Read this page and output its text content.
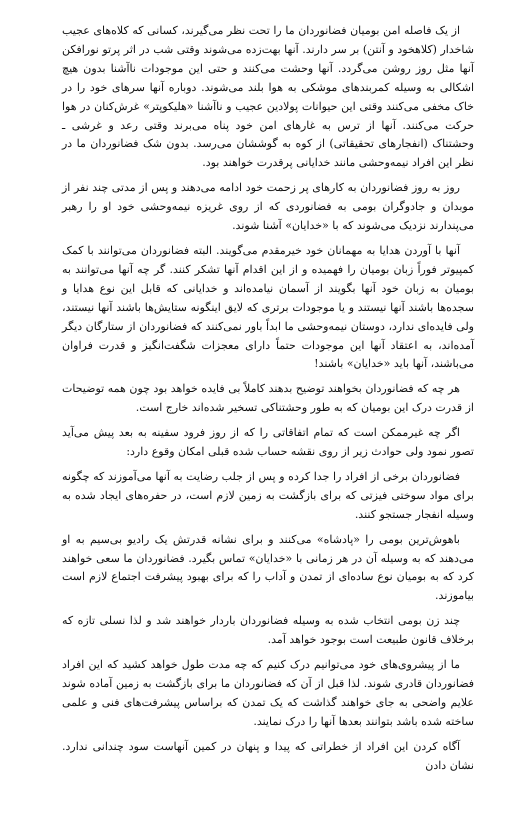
از یک فاصله امن بومیان فضانوردان ما را تحت نظر می‌گیرند، کسانی که کلاه‌های عجیب شاخدار (کلاهخود و آنتن) بر سر دارند. آنها بهت‌زده می‌شوند وقتی شب در اثر پرتو نورافکن آنها مثل روز روشن می‌گردد. آنها وحشت می‌کنند و حتی این موجودات ناآشنا بدون هیچ اشکالی به وسیله کمربندهای موشکی به هوا بلند می‌شوند. دوباره آنها سرهای خود را در خاک مخفی می‌کنند وقتی این حیوانات پولادین عجیب و ناآشنا «هلیکوپتر» غرش‌کنان در هوا حرکت می‌کنند. آنها از ترس به غارهای امن خود پناه می‌برند وقتی رعد و غرشی ـ وحشتناک (انفجارهای تحقیقاتی) از کوه به گوششان می‌رسد. بدون شک فضانوردان ما در نظر این افراد نیمه‌وحشی مانند خدایانی پرقدرت خواهند بود.

روز به روز فضانوردان به کارهای پر زحمت خود ادامه می‌دهند و پس از مدتی چند نفر از موبدان و جادوگران بومی به فضانوردی که از روی غریزه نیمه‌وحشی خود او را رهبر می‌پندارند نزدیک می‌شوند که با «خدایان» آشنا شوند.

آنها با آوردن هدایا به مهمانان خود خیرمقدم می‌گویند. البته فضانوردان می‌توانند با کمک کمپیوتر فوراً زبان بومیان را فهمیده و از این اقدام آنها تشکر کنند. گر چه آنها می‌توانند به بومیان به زبان خود آنها بگویند از آسمان نیامده‌اند و خدایانی که قابل این نوع هدایا و سجده‌ها باشند آنها نیستند و یا موجودات برتری که لایق اینگونه ستایش‌ها باشند آنها نیستند، ولی فایده‌ای ندارد، دوستان نیمه‌وحشی ما ابداً باور نمی‌کنند که فضانوردان از ستارگان دیگر آمده‌اند، به اعتقاد آنها این موجودات حتماً دارای معجزات شگفت‌انگیز و قدرت فراوان می‌باشند، آنها باید «خدایان» باشند!

هر چه که فضانوردان بخواهند توضیح بدهند کاملاً بی فایده خواهد بود چون همه توضیحات از قدرت درک این بومیان که به طور وحشتناکی تسخیر شده‌اند خارج است.

اگر چه غیرممکن است که تمام اتفاقاتی را که از روز فرود سفینه به بعد پیش می‌آید تصور نمود ولی حوادث زیر از روی نقشه حساب شده قبلی امکان وقوع دارد:

فضانوردان برخی از افراد را جدا کرده و پس از جلب رضایت به آنها می‌آموزند که چگونه برای مواد سوختی فیزتی که برای بازگشت به زمین لازم است، در حفره‌های ایجاد شده به وسیله انفجار جستجو کنند.

باهوش‌ترین بومی را «پادشاه» می‌کنند و برای نشانه قدرتش یک رادیو بی‌سیم به او می‌دهند که به وسیله آن در هر زمانی با «خدایان» تماس بگیرد. فضانوردان ما سعی خواهند کرد که به بومیان نوع ساده‌ای از تمدن و آداب را که برای بهبود پیشرفت اجتماع لازم است بیاموزند.

چند زن بومی انتخاب شده به وسیله فضانوردان باردار خواهند شد و لذا نسلی تازه که برخلاف قانون طبیعت است بوجود خواهد آمد.

ما از پیشروی‌های خود می‌توانیم درک کنیم که چه مدت طول خواهد کشید که این افراد فضانوردان قادری شوند. لذا قبل از آن که فضانوردان ما برای بازگشت به زمین آماده شوند علایم واضحی به جای خواهند گذاشت که یک تمدن که براساس پیشرفت‌های فنی و علمی ساخته شده باشد بتوانند بعدها آنها را درک نمایند.

آگاه کردن این افراد از خطراتی که پیدا و پنهان در کمین آنهاست سود چندانی ندارد. نشان دادن
